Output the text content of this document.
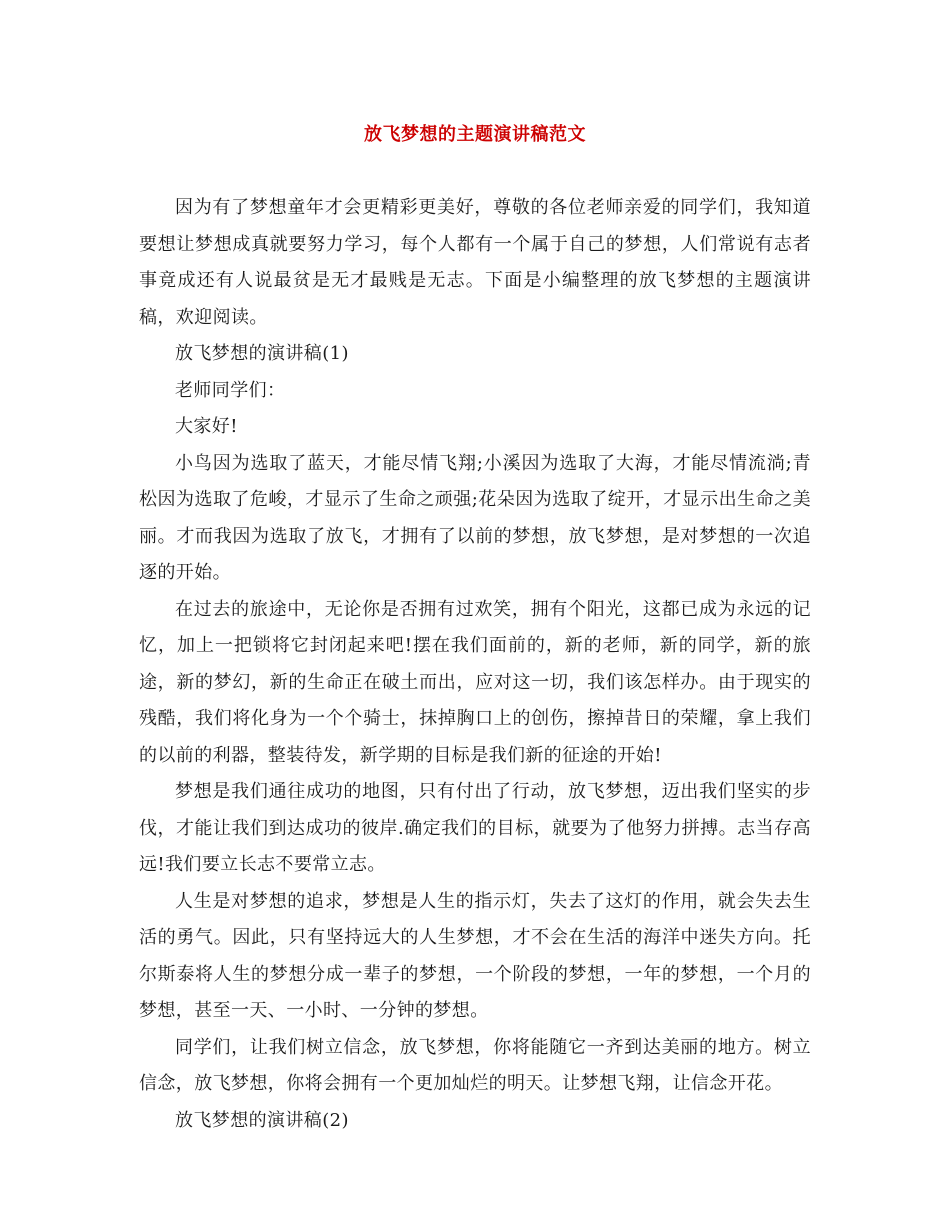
放飞梦想的主题演讲稿范文

因为有了梦想童年才会更精彩更美好，尊敬的各位老师亲爱的同学们，我知道要想让梦想成真就要努力学习，每个人都有一个属于自己的梦想，人们常说有志者事竟成还有人说最贫是无才最贱是无志。下面是小编整理的放飞梦想的主题演讲稿，欢迎阅读。

放飞梦想的演讲稿(1)

老师同学们：

大家好!

小鸟因为选取了蓝天，才能尽情飞翔;小溪因为选取了大海，才能尽情流淌;青松因为选取了危峻，才显示了生命之顽强;花朵因为选取了绽开，才显示出生命之美丽。才而我因为选取了放飞，才拥有了以前的梦想，放飞梦想，是对梦想的一次追逐的开始。

在过去的旅途中，无论你是否拥有过欢笑，拥有个阳光，这都已成为永远的记忆，加上一把锁将它封闭起来吧!摆在我们面前的，新的老师，新的同学，新的旅途，新的梦幻，新的生命正在破土而出，应对这一切，我们该怎样办。由于现实的残酷，我们将化身为一个个骑士，抹掉胸口上的创伤，擦掉昔日的荣耀，拿上我们的以前的利器，整装待发，新学期的目标是我们新的征途的开始!

梦想是我们通往成功的地图，只有付出了行动，放飞梦想，迈出我们坚实的步伐，才能让我们到达成功的彼岸.确定我们的目标，就要为了他努力拼搏。志当存高远!我们要立长志不要常立志。

人生是对梦想的追求，梦想是人生的指示灯，失去了这灯的作用，就会失去生活的勇气。因此，只有坚持远大的人生梦想，才不会在生活的海洋中迷失方向。托尔斯泰将人生的梦想分成一辈子的梦想，一个阶段的梦想，一年的梦想，一个月的梦想，甚至一天、一小时、一分钟的梦想。

同学们，让我们树立信念，放飞梦想，你将能随它一齐到达美丽的地方。树立信念，放飞梦想，你将会拥有一个更加灿烂的明天。让梦想飞翔，让信念开花。

放飞梦想的演讲稿(2)
